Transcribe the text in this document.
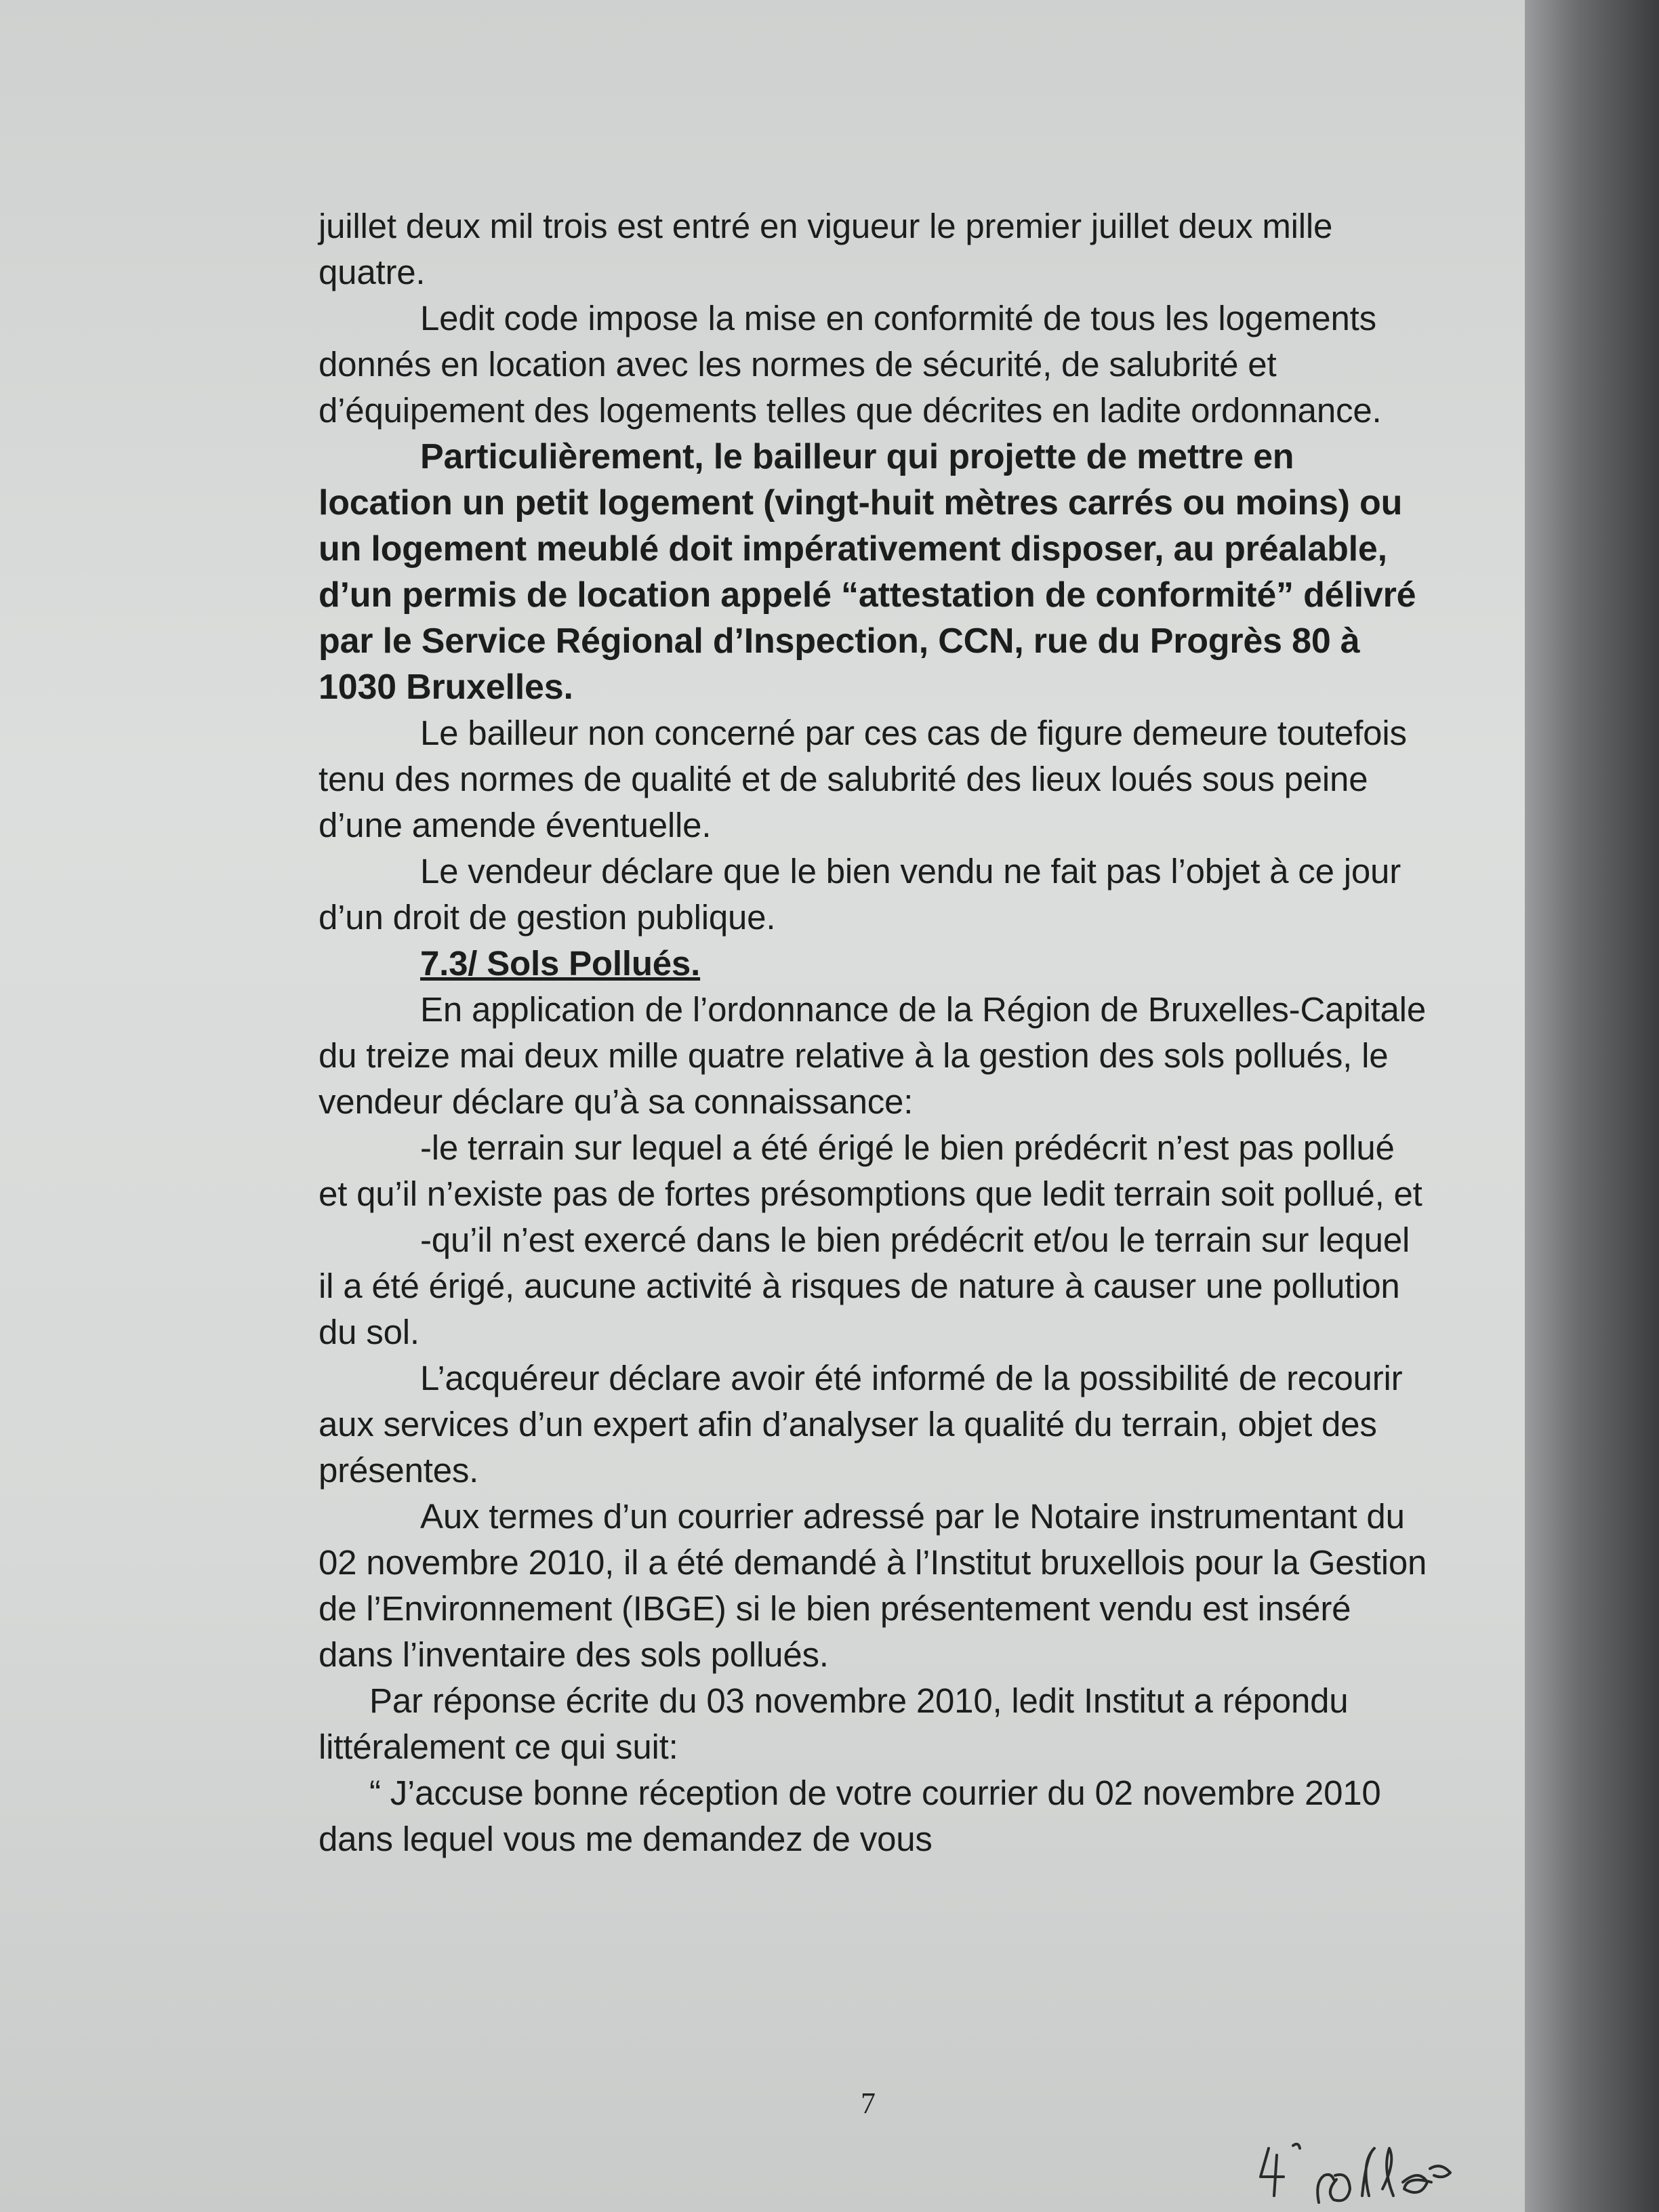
juillet deux mil trois est entré en vigueur le premier juillet deux mille quatre.

Ledit code impose la mise en conformité de tous les logements donnés en location avec les normes de sécurité, de salubrité et d’équipement des logements telles que décrites en ladite ordonnance.

Particulièrement, le bailleur qui projette de mettre en location un petit logement (vingt-huit mètres carrés ou moins) ou un logement meublé doit impérativement disposer, au préalable, d’un permis de location appelé “attestation de conformité” délivré par le Service Régional d’Inspection, CCN, rue du Progrès 80 à 1030 Bruxelles.

Le bailleur non concerné par ces cas de figure demeure toutefois tenu des normes de qualité et de salubrité des lieux loués sous peine d’une amende éventuelle.

Le vendeur déclare que le bien vendu ne fait pas l’objet à ce jour d’un droit de gestion publique.

7.3/ Sols Pollués.

En application de l’ordonnance de la Région de Bruxelles-Capitale du treize mai deux mille quatre relative à la gestion des sols pollués, le vendeur déclare qu’à sa connaissance:

-le terrain sur lequel a été érigé le bien prédécrit n’est pas pollué et qu’il n’existe pas de fortes présomptions que ledit terrain soit pollué, et

-qu’il n’est exercé dans le bien prédécrit et/ou le terrain sur lequel il a été érigé, aucune activité à risques de nature à causer une pollution du sol.

L’acquéreur déclare avoir été informé de la possibilité de recourir aux services d’un expert afin d’analyser la qualité du terrain, objet des présentes.

Aux termes d’un courrier adressé par le Notaire instrumentant du 02 novembre 2010, il a été demandé à l’Institut bruxellois pour la Gestion de l’Environnement (IBGE) si le bien présentement vendu est inséré dans l’inventaire des sols pollués.

Par réponse écrite du 03 novembre 2010, ledit Institut a répondu littéralement ce qui suit:

“ J’accuse bonne réception de votre courrier du 02 novembre 2010 dans lequel vous me demandez de vous

7
